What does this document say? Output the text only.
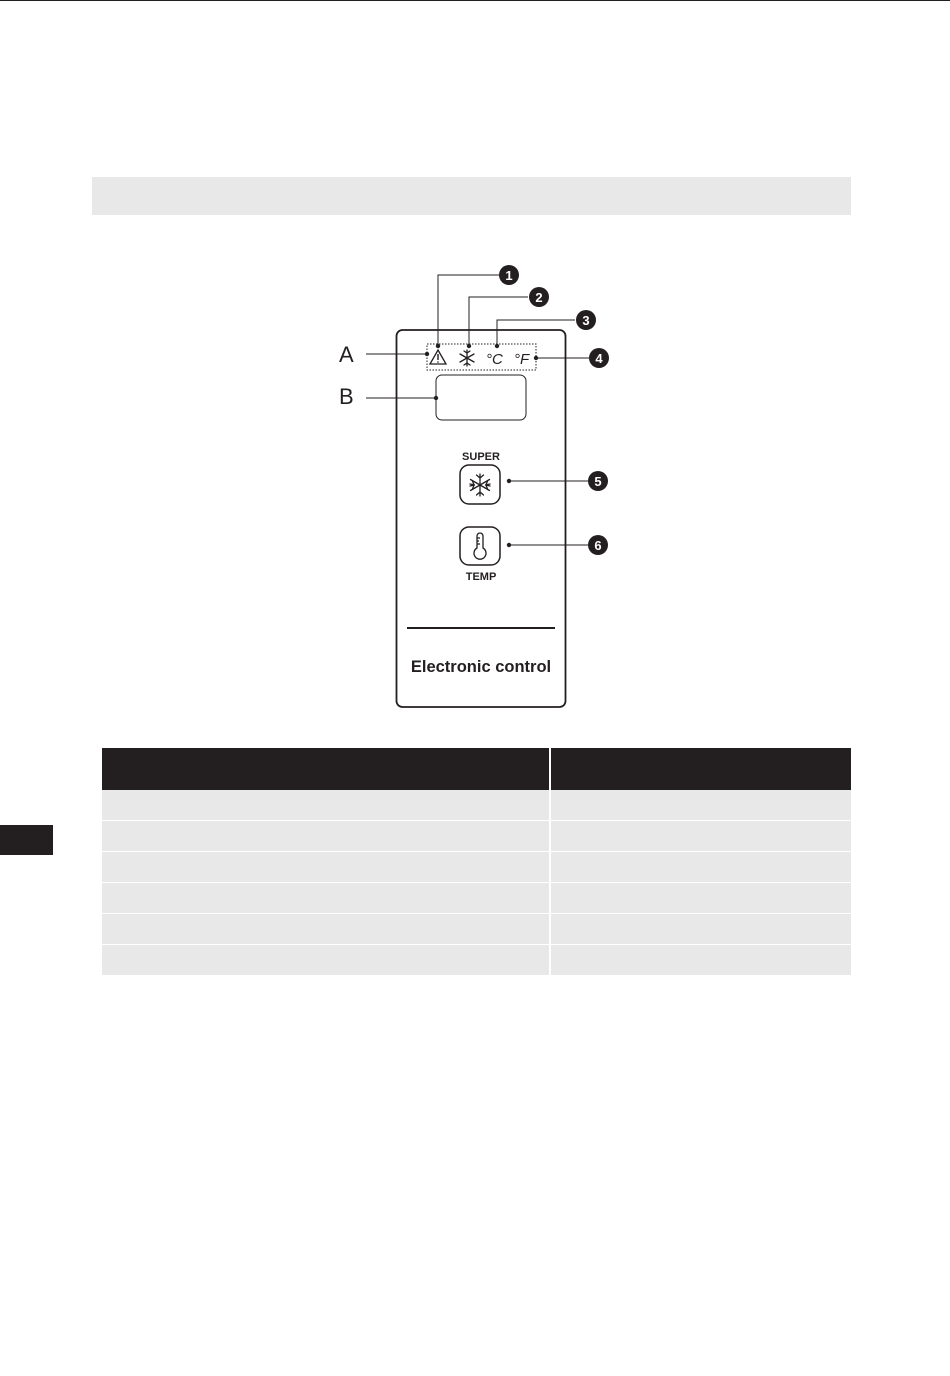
°C °F
1
2
3
4
5
6
A
B
SUPER
TEMP
Electronic control
